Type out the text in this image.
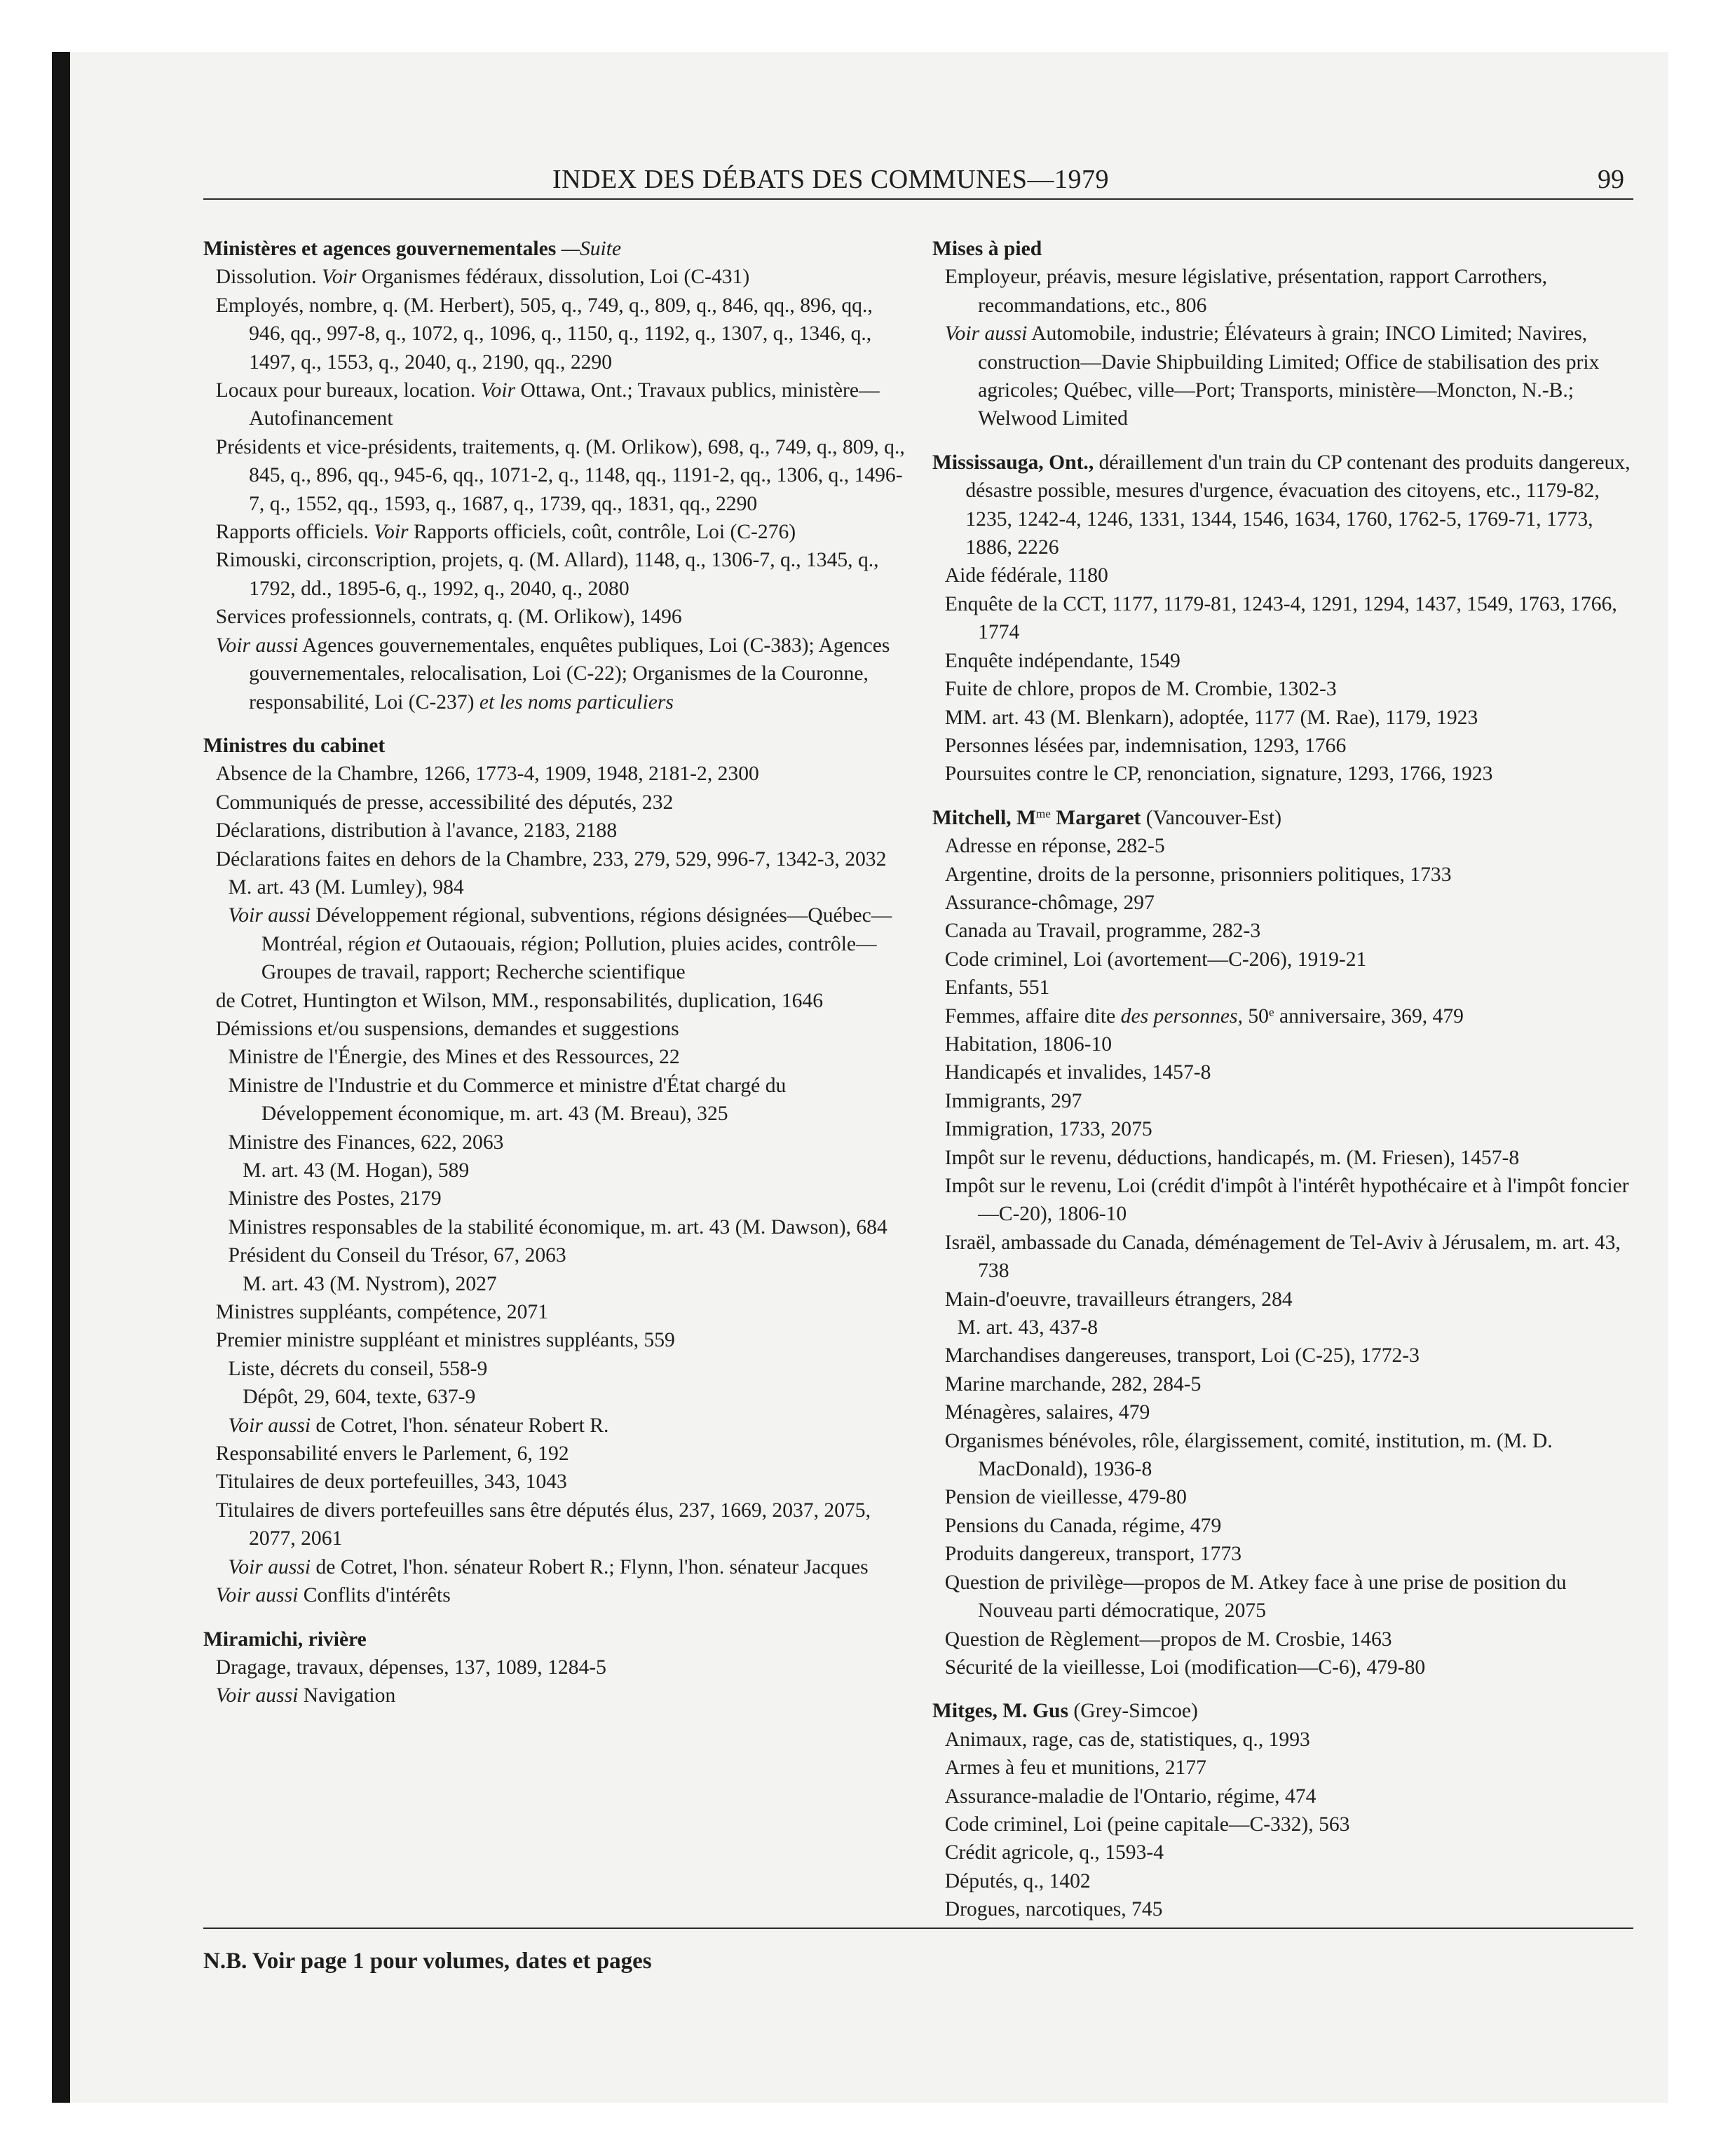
INDEX DES DÉBATS DES COMMUNES—1979	99
Ministères et agences gouvernementales —Suite
Dissolution. Voir Organismes fédéraux, dissolution, Loi (C-431)
Employés, nombre, q. (M. Herbert), 505, q., 749, q., 809, q., 846, qq., 896, qq., 946, qq., 997-8, q., 1072, q., 1096, q., 1150, q., 1192, q., 1307, q., 1346, q., 1497, q., 1553, q., 2040, q., 2190, qq., 2290
Locaux pour bureaux, location. Voir Ottawa, Ont.; Travaux publics, ministère—Autofinancement
Présidents et vice-présidents, traitements, q. (M. Orlikow), 698, q., 749, q., 809, q., 845, q., 896, qq., 945-6, qq., 1071-2, q., 1148, qq., 1191-2, qq., 1306, q., 1496-7, q., 1552, qq., 1593, q., 1687, q., 1739, qq., 1831, qq., 2290
Rapports officiels. Voir Rapports officiels, coût, contrôle, Loi (C-276)
Rimouski, circonscription, projets, q. (M. Allard), 1148, q., 1306-7, q., 1345, q., 1792, dd., 1895-6, q., 1992, q., 2040, q., 2080
Services professionnels, contrats, q. (M. Orlikow), 1496
Voir aussi Agences gouvernementales, enquêtes publiques, Loi (C-383); Agences gouvernementales, relocalisation, Loi (C-22); Organismes de la Couronne, responsabilité, Loi (C-237) et les noms particuliers
Ministres du cabinet
Absence de la Chambre, 1266, 1773-4, 1909, 1948, 2181-2, 2300
Communiqués de presse, accessibilité des députés, 232
Déclarations, distribution à l'avance, 2183, 2188
Déclarations faites en dehors de la Chambre, 233, 279, 529, 996-7, 1342-3, 2032
M. art. 43 (M. Lumley), 984
Voir aussi Développement régional, subventions, régions désignées—Québec—Montréal, région et Outaouais, région; Pollution, pluies acides, contrôle—Groupes de travail, rapport; Recherche scientifique
de Cotret, Huntington et Wilson, MM., responsabilités, duplication, 1646
Démissions et/ou suspensions, demandes et suggestions
Ministre de l'Énergie, des Mines et des Ressources, 22
Ministre de l'Industrie et du Commerce et ministre d'État chargé du Développement économique, m. art. 43 (M. Breau), 325
Ministre des Finances, 622, 2063
M. art. 43 (M. Hogan), 589
Ministre des Postes, 2179
Ministres responsables de la stabilité économique, m. art. 43 (M. Dawson), 684
Président du Conseil du Trésor, 67, 2063
M. art. 43 (M. Nystrom), 2027
Ministres suppléants, compétence, 2071
Premier ministre suppléant et ministres suppléants, 559
Liste, décrets du conseil, 558-9
Dépôt, 29, 604, texte, 637-9
Voir aussi de Cotret, l'hon. sénateur Robert R.
Responsabilité envers le Parlement, 6, 192
Titulaires de deux portefeuilles, 343, 1043
Titulaires de divers portefeuilles sans être députés élus, 237, 1669, 2037, 2075, 2077, 2061
Voir aussi de Cotret, l'hon. sénateur Robert R.; Flynn, l'hon. sénateur Jacques
Voir aussi Conflits d'intérêts
Miramichi, rivière
Dragage, travaux, dépenses, 137, 1089, 1284-5
Voir aussi Navigation
Mises à pied
Employeur, préavis, mesure législative, présentation, rapport Carrothers, recommandations, etc., 806
Voir aussi Automobile, industrie; Élévateurs à grain; INCO Limited; Navires, construction—Davie Shipbuilding Limited; Office de stabilisation des prix agricoles; Québec, ville—Port; Transports, ministère—Moncton, N.-B.; Welwood Limited
Mississauga, Ont., déraillement d'un train du CP contenant des produits dangereux, désastre possible, mesures d'urgence, évacuation des citoyens, etc., 1179-82, 1235, 1242-4, 1246, 1331, 1344, 1546, 1634, 1760, 1762-5, 1769-71, 1773, 1886, 2226
Aide fédérale, 1180
Enquête de la CCT, 1177, 1179-81, 1243-4, 1291, 1294, 1437, 1549, 1763, 1766, 1774
Enquête indépendante, 1549
Fuite de chlore, propos de M. Crombie, 1302-3
MM. art. 43 (M. Blenkarn), adoptée, 1177 (M. Rae), 1179, 1923
Personnes lésées par, indemnisation, 1293, 1766
Poursuites contre le CP, renonciation, signature, 1293, 1766, 1923
Mitchell, $M^{me}$ Margaret (Vancouver-Est)
Adresse en réponse, 282-5
Argentine, droits de la personne, prisonniers politiques, 1733
Assurance-chômage, 297
Canada au Travail, programme, 282-3
Code criminel, Loi (avortement—C-206), 1919-21
Enfants, 551
Femmes, affaire dite des personnes, 50e anniversaire, 369, 479
Habitation, 1806-10
Handicapés et invalides, 1457-8
Immigrants, 297
Immigration, 1733, 2075
Impôt sur le revenu, déductions, handicapés, m. (M. Friesen), 1457-8
Impôt sur le revenu, Loi (crédit d'impôt à l'intérêt hypothécaire et à l'impôt foncier—C-20), 1806-10
Israël, ambassade du Canada, déménagement de Tel-Aviv à Jérusalem, m. art. 43, 738
Main-d'oeuvre, travailleurs étrangers, 284
M. art. 43, 437-8
Marchandises dangereuses, transport, Loi (C-25), 1772-3
Marine marchande, 282, 284-5
Ménagères, salaires, 479
Organismes bénévoles, rôle, élargissement, comité, institution, m. (M. D. MacDonald), 1936-8
Pension de vieillesse, 479-80
Pensions du Canada, régime, 479
Produits dangereux, transport, 1773
Question de privilège—propos de M. Atkey face à une prise de position du Nouveau parti démocratique, 2075
Question de Règlement—propos de M. Crosbie, 1463
Sécurité de la vieillesse, Loi (modification—C-6), 479-80
Mitges, M. Gus (Grey-Simcoe)
Animaux, rage, cas de, statistiques, q., 1993
Armes à feu et munitions, 2177
Assurance-maladie de l'Ontario, régime, 474
Code criminel, Loi (peine capitale—C-332), 563
Crédit agricole, q., 1593-4
Députés, q., 1402
Drogues, narcotiques, 745
N.B. Voir page 1 pour volumes, dates et pages
